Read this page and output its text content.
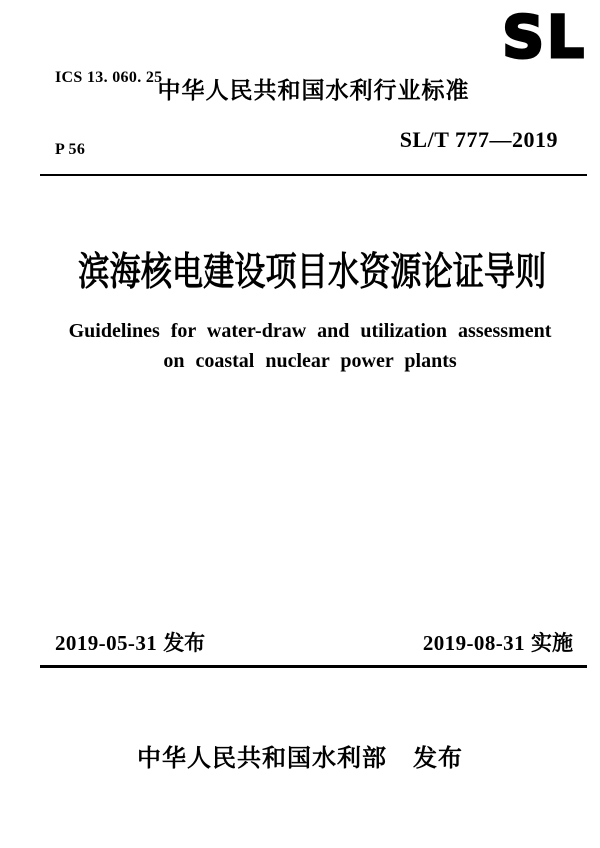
ICS 13. 060. 25

P 56

SL
中华人民共和国水利行业标准
SL/T 777—2019
滨海核电建设项目水资源论证导则
Guidelines for water-draw and utilization assessment
on coastal nuclear power plants
2019-05-31 发布	2019-08-31 实施
中华人民共和国水利部 发布
